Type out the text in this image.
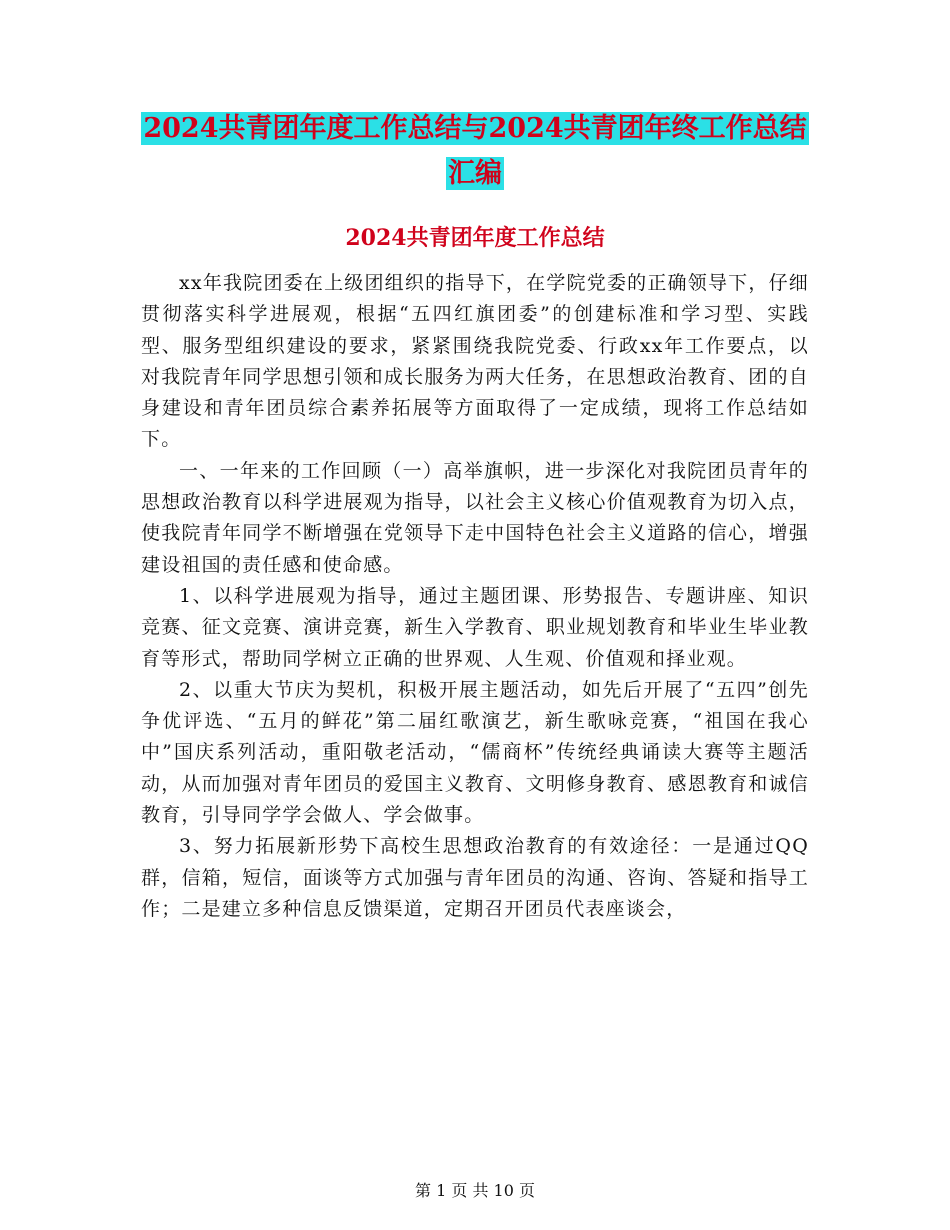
2024共青团年度工作总结与2024共青团年终工作总结
汇编
2024共青团年度工作总结

xx年我院团委在上级团组织的指导下，在学院党委的正确领导下，仔细贯彻落实科学进展观，根据“五四红旗团委”的创建标准和学习型、实践型、服务型组织建设的要求，紧紧围绕我院党委、行政xx年工作要点，以对我院青年同学思想引领和成长服务为两大任务，在思想政治教育、团的自身建设和青年团员综合素养拓展等方面取得了一定成绩，现将工作总结如下。

一、一年来的工作回顾（一）高举旗帜，进一步深化对我院团员青年的思想政治教育以科学进展观为指导，以社会主义核心价值观教育为切入点，使我院青年同学不断增强在党领导下走中国特色社会主义道路的信心，增强建设祖国的责任感和使命感。

1、以科学进展观为指导，通过主题团课、形势报告、专题讲座、知识竞赛、征文竞赛、演讲竞赛，新生入学教育、职业规划教育和毕业生毕业教育等形式，帮助同学树立正确的世界观、人生观、价值观和择业观。

2、以重大节庆为契机，积极开展主题活动，如先后开展了“五四”创先争优评选、“五月的鲜花”第二届红歌演艺，新生歌咏竞赛，“祖国在我心中”国庆系列活动，重阳敬老活动，“儒商杯”传统经典诵读大赛等主题活动，从而加强对青年团员的爱国主义教育、文明修身教育、感恩教育和诚信教育，引导同学学会做人、学会做事。

3、努力拓展新形势下高校生思想政治教育的有效途径：一是通过QQ群，信箱，短信，面谈等方式加强与青年团员的沟通、咨询、答疑和指导工作；二是建立多种信息反馈渠道，定期召开团员代表座谈会，

第 1 页 共 10 页
